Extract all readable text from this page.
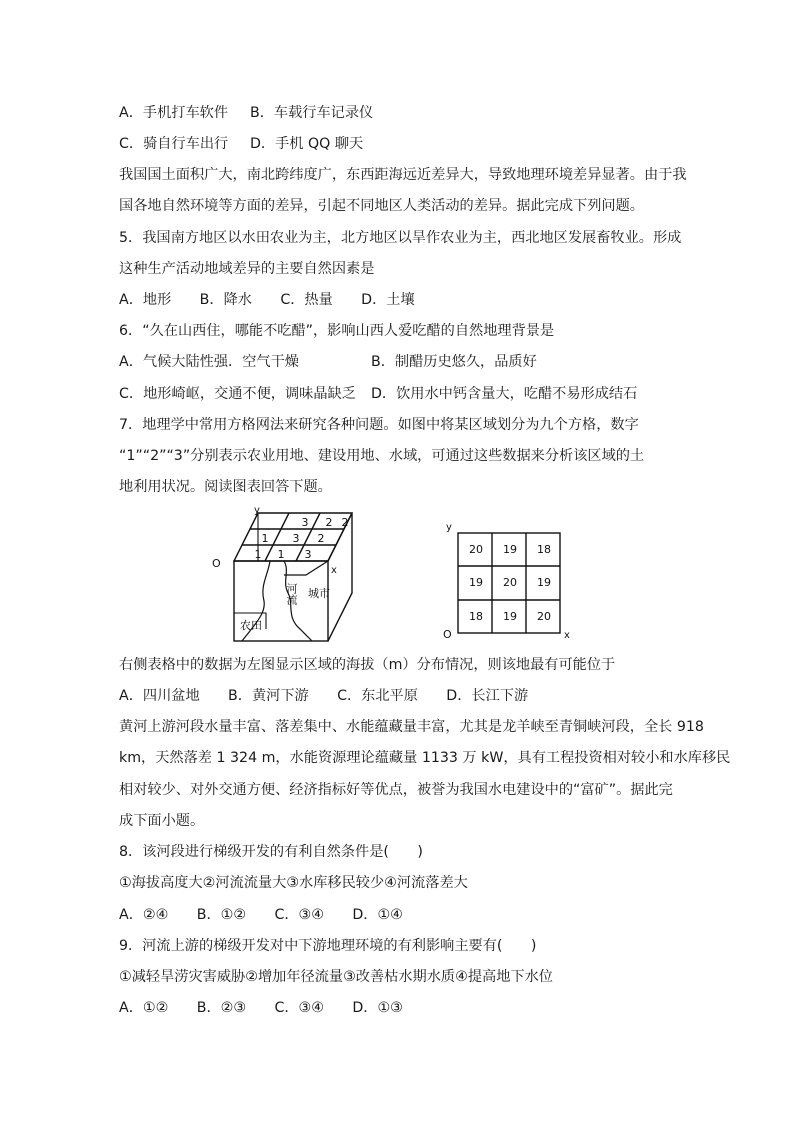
A．手机打车软件 B．车载行车记录仪
C．骑自行车出行 D．手机 QQ 聊天
我国国土面积广大，南北跨纬度广，东西距海远近差异大，导致地理环境差异显著。由于我
国各地自然环境等方面的差异，引起不同地区人类活动的差异。据此完成下列问题。
5．我国南方地区以水田农业为主，北方地区以旱作农业为主，西北地区发展畜牧业。形成
这种生产活动地域差异的主要自然因素是
A．地形　　B．降水　　C．热量　　D．土壤
6．“久在山西住，哪能不吃醋”，影响山西人爱吃醋的自然地理背景是
A．气候大陆性强．空气干燥	B．制醋历史悠久，品质好
C．地形崎岖，交通不便，调味晶缺乏 D．饮用水中钙含量大，吃醋不易形成结石
7．地理学中常用方格网法来研究各种问题。如图中将某区域划分为九个方格，数字
“1”“2”“3”分别表示农业用地、建设用地、水域，可通过这些数据来分析该区域的土
地利用状况。阅读图表回答下题。
3 2 2
1 3 2
1 1 3
y
x
O
城市
农田
河流
y
x
O
20 19 18
19 20 19
18 19 20
右侧表格中的数据为左图显示区域的海拔（m）分布情况，则该地最有可能位于
A．四川盆地　　B．黄河下游　　C．东北平原　　D．长江下游
黄河上游河段水量丰富、落差集中、水能蕴藏量丰富，尤其是龙羊峡至青铜峡河段，全长 918
km，天然落差 1 324 m，水能资源理论蕴藏量 1133 万 kW，具有工程投资相对较小和水库移民
相对较少、对外交通方便、经济指标好等优点，被誉为我国水电建设中的“富矿”。据此完
成下面小题。
8．该河段进行梯级开发的有利自然条件是(　　)
①海拔高度大②河流流量大③水库移民较少④河流落差大
A．②④　　B．①②　　C．③④　　D．①④
9．河流上游的梯级开发对中下游地理环境的有利影响主要有(　　)
①减轻旱涝灾害威胁②增加年径流量③改善枯水期水质④提高地下水位
A．①②　　B．②③　　C．③④　　D．①③
